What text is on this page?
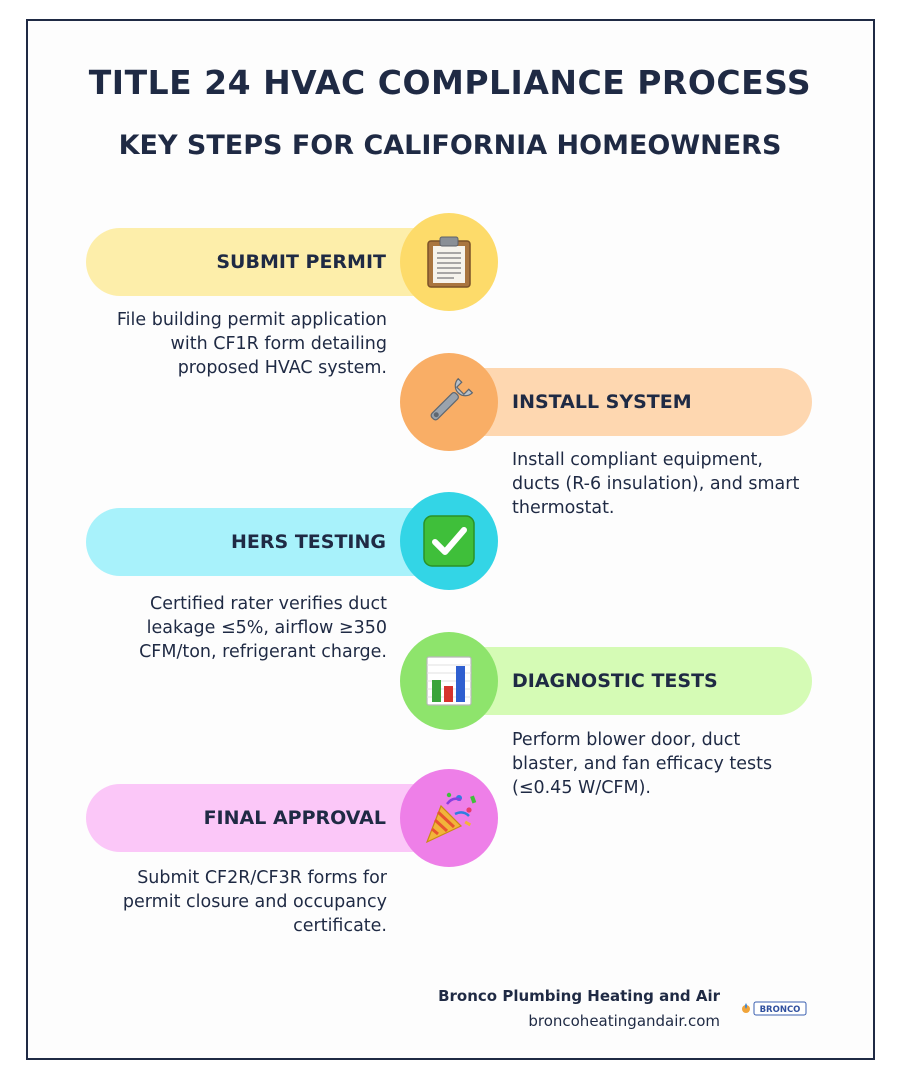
TITLE 24 HVAC COMPLIANCE PROCESS
KEY STEPS FOR CALIFORNIA HOMEOWNERS
SUBMIT PERMIT

File building permit application with CF1R form detailing proposed HVAC system.

INSTALL SYSTEM

Install compliant equipment, ducts (R-6 insulation), and smart thermostat.

HERS TESTING

Certified rater verifies duct leakage ≤5%, airflow ≥350 CFM/ton, refrigerant charge.

DIAGNOSTIC TESTS

Perform blower door, duct blaster, and fan efficacy tests (≤0.45 W/CFM).

FINAL APPROVAL

Submit CF2R/CF3R forms for permit closure and occupancy certificate.

Bronco Plumbing Heating and Air
broncoheatingandair.com
BRONCO
